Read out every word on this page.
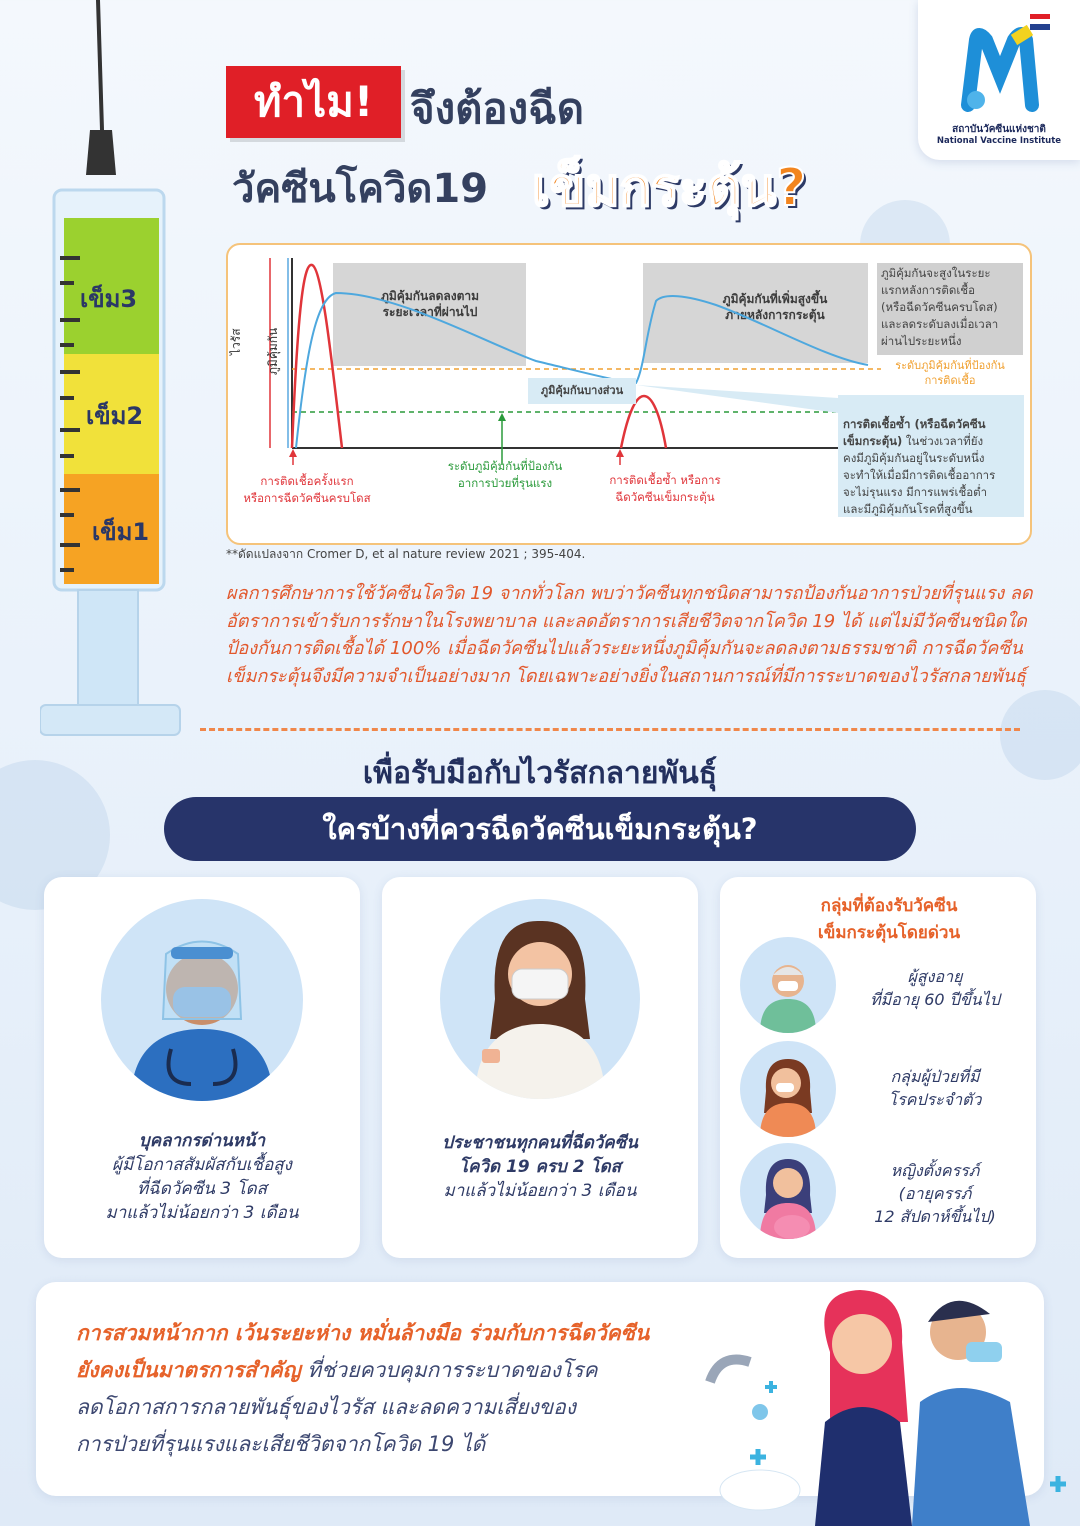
เข็ม3
เข็ม2
เข็ม1
สถาบันวัคซีนแห่งชาติ
National Vaccine Institute
ทำไม! จึงต้องฉีด
วัคซีนโควิด19 เข็มกระตุ้น?
ภูมิคุ้มกันลดลงตาม
ระยะเวลาที่ผ่านไป
ภูมิคุ้มกันที่เพิ่มสูงขึ้น
ภายหลังการกระตุ้น
ไวรัส ภูมิคุ้มกัน
ภูมิคุ้มกันบางส่วน
ภูมิคุ้มกันจะสูงในระยะ
แรกหลังการติดเชื้อ
(หรือฉีดวัคซีนครบโดส)
และลดระดับลงเมื่อเวลา
ผ่านไประยะหนึ่ง
ระดับภูมิคุ้มกันที่ป้องกัน
การติดเชื้อ

การติดเชื้อซ้ำ (หรือฉีดวัคซีน
เข็มกระตุ้น) ในช่วงเวลาที่ยัง
คงมีภูมิคุ้มกันอยู่ในระดับหนึ่ง
จะทำให้เมื่อมีการติดเชื้ออาการ
จะไม่รุนแรง มีการแพร่เชื้อต่ำ
และมีภูมิคุ้มกันโรคที่สูงขึ้น

การติดเชื้อครั้งแรก
หรือการฉีดวัคซีนครบโดส
ระดับภูมิคุ้มกันที่ป้องกัน
อาการป่วยที่รุนแรง	การติดเชื้อซ้ำ หรือการ
ฉีดวัคซีนเข็มกระตุ้น
**ดัดแปลงจาก Cromer D, et al nature review 2021 ; 395-404.
ผลการศึกษาการใช้วัคซีนโควิด 19 จากทั่วโลก พบว่าวัคซีนทุกชนิดสามารถป้องกันอาการป่วยที่รุนแรง ลดอัตราการเข้ารับการรักษาในโรงพยาบาล และลดอัตราการเสียชีวิตจากโควิด 19 ได้ แต่ไม่มีวัคซีนชนิดใด ป้องกันการติดเชื้อได้ 100% เมื่อฉีดวัคซีนไปแล้วระยะหนึ่งภูมิคุ้มกันจะลดลงตามธรรมชาติ การฉีดวัคซีนเข็มกระตุ้นจึงมีความจำเป็นอย่างมาก โดยเฉพาะอย่างยิ่งในสถานการณ์ที่มีการระบาดของไวรัสกลายพันธุ์
เพื่อรับมือกับไวรัสกลายพันธุ์
ใครบ้างที่ควรฉีดวัคซีนเข็มกระตุ้น?
บุคลากรด่านหน้า
ผู้มีโอกาสสัมผัสกับเชื้อสูง
ที่ฉีดวัคซีน 3 โดส
มาแล้วไม่น้อยกว่า 3 เดือน
ประชาชนทุกคนที่ฉีดวัคซีน
โควิด 19 ครบ 2 โดส
มาแล้วไม่น้อยกว่า 3 เดือน
กลุ่มที่ต้องรับวัคซีน
เข็มกระตุ้นโดยด่วน
ผู้สูงอายุ
ที่มีอายุ 60 ปีขึ้นไป
กลุ่มผู้ป่วยที่มี
โรคประจำตัว
หญิงตั้งครรภ์
(อายุครรภ์
12 สัปดาห์ขึ้นไป)
การสวมหน้ากาก เว้นระยะห่าง หมั่นล้างมือ ร่วมกับการฉีดวัคซีน
ยังคงเป็นมาตรการสำคัญ ที่ช่วยควบคุมการระบาดของโรค
ลดโอกาสการกลายพันธุ์ของไวรัส และลดความเสี่ยงของ
การป่วยที่รุนแรงและเสียชีวิตจากโควิด 19 ได้
